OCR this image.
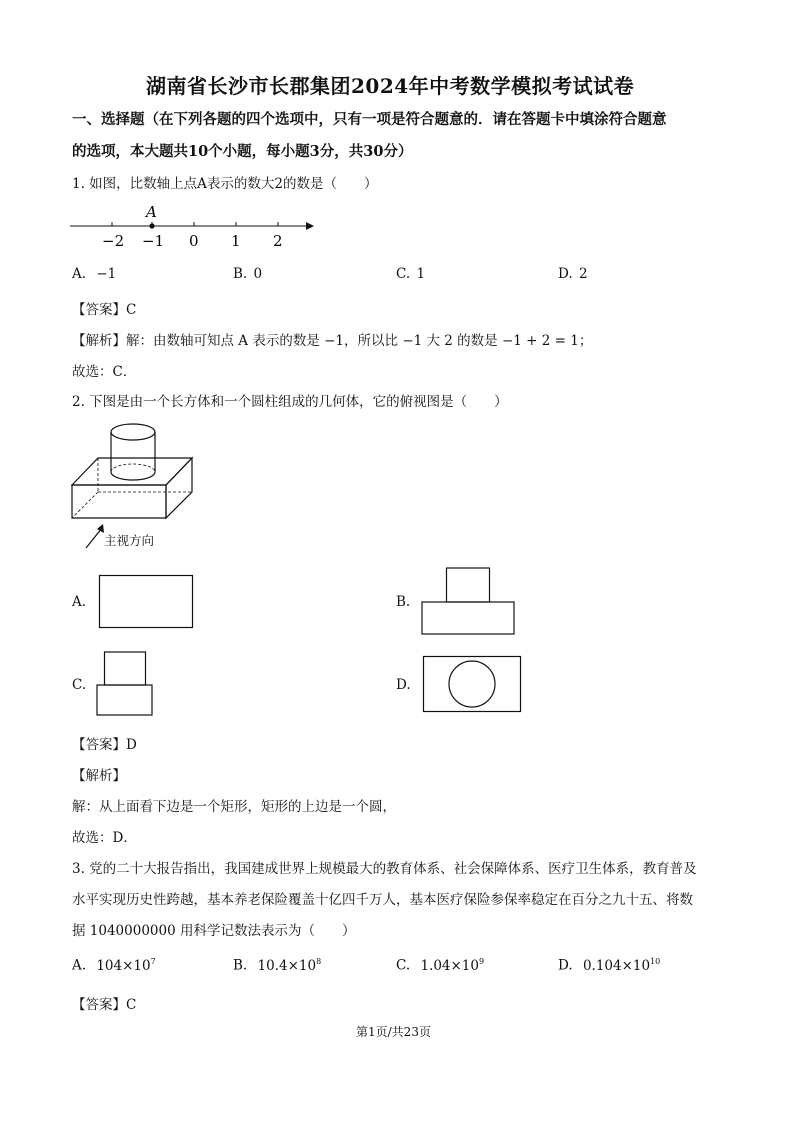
湖南省长沙市长郡集团2024年中考数学模拟考试试卷
一、选择题（在下列各题的四个选项中，只有一项是符合题意的．请在答题卡中填涂符合题意
的选项，本大题共10个小题，每小题3分，共30分）
1. 如图，比数轴上点A表示的数大2的数是（　　）
A
−2 −1 0 1 2
A. −1	B. 0	C. 1	D. 2
【答案】C
【解析】解：由数轴可知点 A 表示的数是 −1，所以比 −1 大 2 的数是 −1 + 2 = 1；
故选：C．
2. 下图是由一个长方体和一个圆柱组成的几何体，它的俯视图是（　　）
主视方向
A.	B.
C.	D.
【答案】D
【解析】
解：从上面看下边是一个矩形，矩形的上边是一个圆，
故选：D．
3. 党的二十大报告指出，我国建成世界上规模最大的教育体系、社会保障体系、医疗卫生体系，教育普及
水平实现历史性跨越，基本养老保险覆盖十亿四千万人，基本医疗保险参保率稳定在百分之九十五、将数
据 1040000000 用科学记数法表示为（　　）
A. $104\times 10^7$	B. $10.4\times 10^8$	C. $1.04\times 10^9$	D. $0.104\times 10^{10}$
【答案】C
第1页/共23页
